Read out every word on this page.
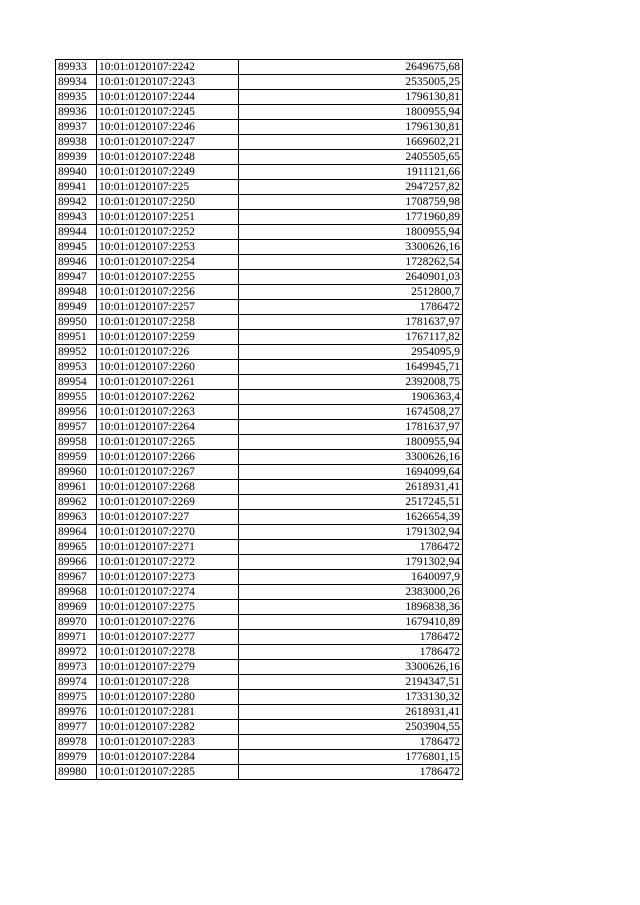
89933	10:01:0120107:2242	2649675,68
89934	10:01:0120107:2243	2535005,25
89935	10:01:0120107:2244	1796130,81
89936	10:01:0120107:2245	1800955,94
89937	10:01:0120107:2246	1796130,81
89938	10:01:0120107:2247	1669602,21
89939	10:01:0120107:2248	2405505,65
89940	10:01:0120107:2249	1911121,66
89941	10:01:0120107:225	2947257,82
89942	10:01:0120107:2250	1708759,98
89943	10:01:0120107:2251	1771960,89
89944	10:01:0120107:2252	1800955,94
89945	10:01:0120107:2253	3300626,16
89946	10:01:0120107:2254	1728262,54
89947	10:01:0120107:2255	2640901,03
89948	10:01:0120107:2256	2512800,7
89949	10:01:0120107:2257	1786472
89950	10:01:0120107:2258	1781637,97
89951	10:01:0120107:2259	1767117,82
89952	10:01:0120107:226	2954095,9
89953	10:01:0120107:2260	1649945,71
89954	10:01:0120107:2261	2392008,75
89955	10:01:0120107:2262	1906363,4
89956	10:01:0120107:2263	1674508,27
89957	10:01:0120107:2264	1781637,97
89958	10:01:0120107:2265	1800955,94
89959	10:01:0120107:2266	3300626,16
89960	10:01:0120107:2267	1694099,64
89961	10:01:0120107:2268	2618931,41
89962	10:01:0120107:2269	2517245,51
89963	10:01:0120107:227	1626654,39
89964	10:01:0120107:2270	1791302,94
89965	10:01:0120107:2271	1786472
89966	10:01:0120107:2272	1791302,94
89967	10:01:0120107:2273	1640097,9
89968	10:01:0120107:2274	2383000,26
89969	10:01:0120107:2275	1896838,36
89970	10:01:0120107:2276	1679410,89
89971	10:01:0120107:2277	1786472
89972	10:01:0120107:2278	1786472
89973	10:01:0120107:2279	3300626,16
89974	10:01:0120107:228	2194347,51
89975	10:01:0120107:2280	1733130,32
89976	10:01:0120107:2281	2618931,41
89977	10:01:0120107:2282	2503904,55
89978	10:01:0120107:2283	1786472
89979	10:01:0120107:2284	1776801,15
89980	10:01:0120107:2285	1786472
